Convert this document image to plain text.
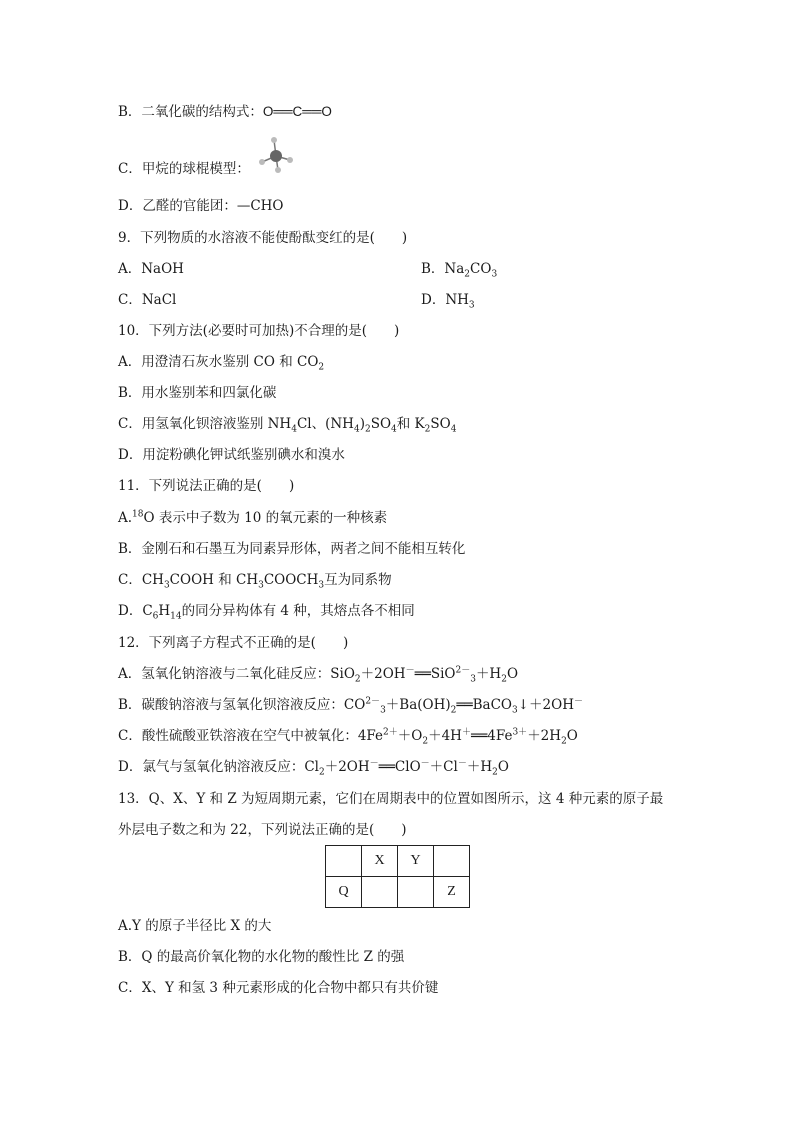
B．二氧化碳的结构式：O══C══O
C．甲烷的球棍模型：
D．乙醛的官能团：—CHO
9．下列物质的水溶液不能使酚酞变红的是(　　)
A．NaOH	B．$Na_2CO_3$
C．NaCl	D．$NH_3$
10．下列方法(必要时可加热)不合理的是(　　)
A．用澄清石灰水鉴别 CO 和 $CO_2$
B．用水鉴别苯和四氯化碳
C．用氢氧化钡溶液鉴别 $NH_4Cl$、$(NH_4)_2SO_4$和 $K_2SO_4$
D．用淀粉碘化钾试纸鉴别碘水和溴水
11．下列说法正确的是(　　)
A.$^{18}$O 表示中子数为 10 的氧元素的一种核素
B．金刚石和石墨互为同素异形体，两者之间不能相互转化
C．$CH_3COOH$ 和 $CH_3COOCH_3$互为同系物
D．$C_6H_{14}$的同分异构体有 4 种，其熔点各不相同
12．下列离子方程式不正确的是(　　)
A．氢氧化钠溶液与二氧化硅反应：$SiO_2+2OH^-══SiO^{2-}_3+H_2O$
B．碳酸钠溶液与氢氧化钡溶液反应：$CO^{2-}_3+Ba(OH)_2══BaCO_3↓+2OH^-$
C．酸性硫酸亚铁溶液在空气中被氧化：$4Fe^{2+}+O_2+4H^+══4Fe^{3+}+2H_2O$
D．氯气与氢氧化钠溶液反应：$Cl_2+2OH^-══ClO^-+Cl^-+H_2O$
13．Q、X、Y 和 Z 为短周期元素，它们在周期表中的位置如图所示，这 4 种元素的原子最
外层电子数之和为 22，下列说法正确的是(　　)
	X	Y	
Q			Z
A.Y 的原子半径比 X 的大
B．Q 的最高价氧化物的水化物的酸性比 Z 的强
C．X、Y 和氢 3 种元素形成的化合物中都只有共价键
